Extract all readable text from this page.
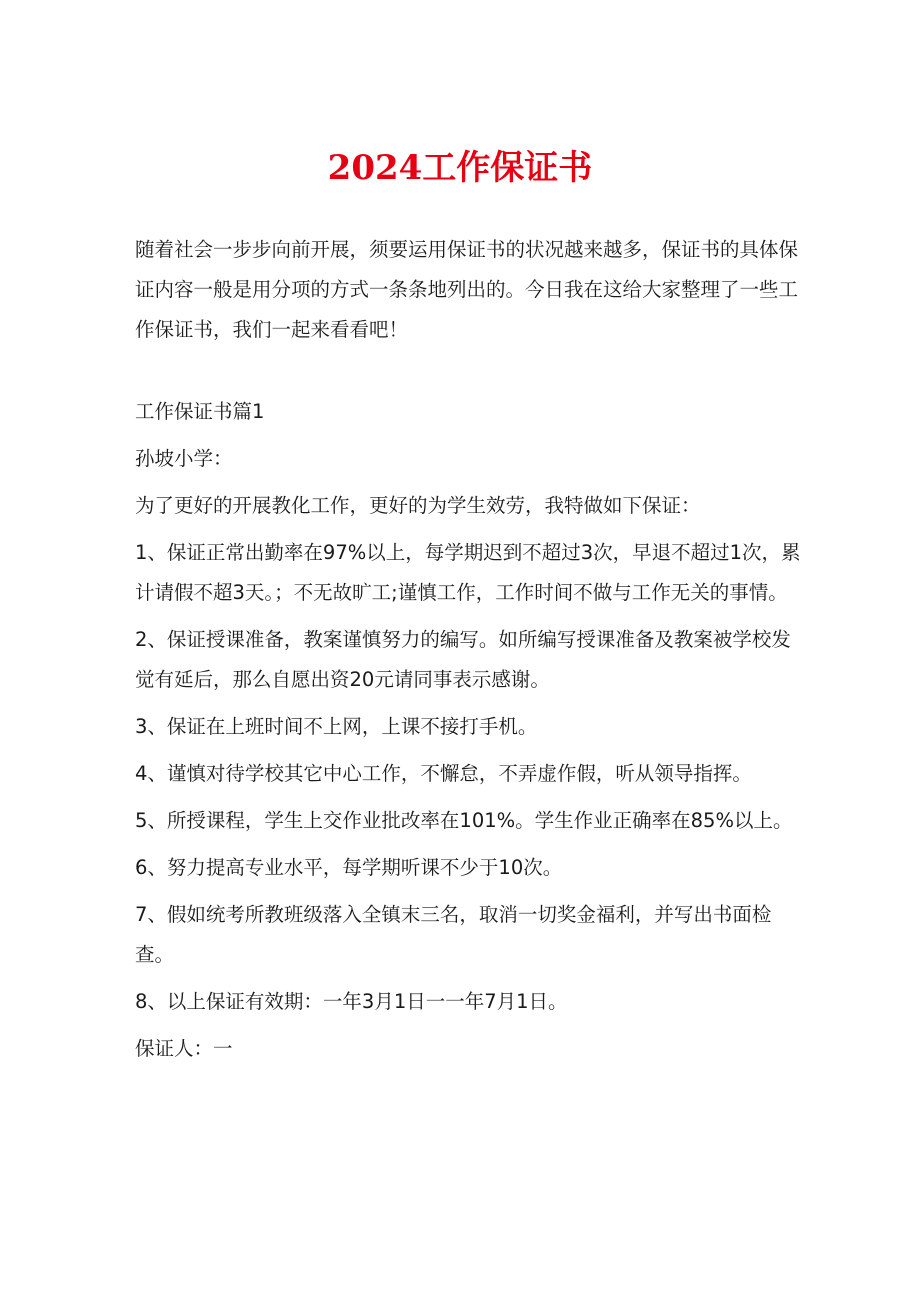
2024工作保证书

随着社会一步步向前开展，须要运用保证书的状况越来越多，保证书的具体保证内容一般是用分项的方式一条条地列出的。今日我在这给大家整理了一些工作保证书，我们一起来看看吧！

工作保证书篇1

孙坡小学：

为了更好的开展教化工作，更好的为学生效劳，我特做如下保证：

1、保证正常出勤率在97%以上，每学期迟到不超过3次，早退不超过1次，累计请假不超3天。；不无故旷工;谨慎工作，工作时间不做与工作无关的事情。

2、保证授课准备，教案谨慎努力的编写。如所编写授课准备及教案被学校发觉有延后，那么自愿出资20元请同事表示感谢。

3、保证在上班时间不上网，上课不接打手机。

4、谨慎对待学校其它中心工作，不懈怠，不弄虚作假，听从领导指挥。

5、所授课程，学生上交作业批改率在101%。学生作业正确率在85%以上。

6、努力提高专业水平，每学期听课不少于10次。

7、假如统考所教班级落入全镇末三名，取消一切奖金福利，并写出书面检查。

8、以上保证有效期：一年3月1日一一年7月1日。

保证人：一
